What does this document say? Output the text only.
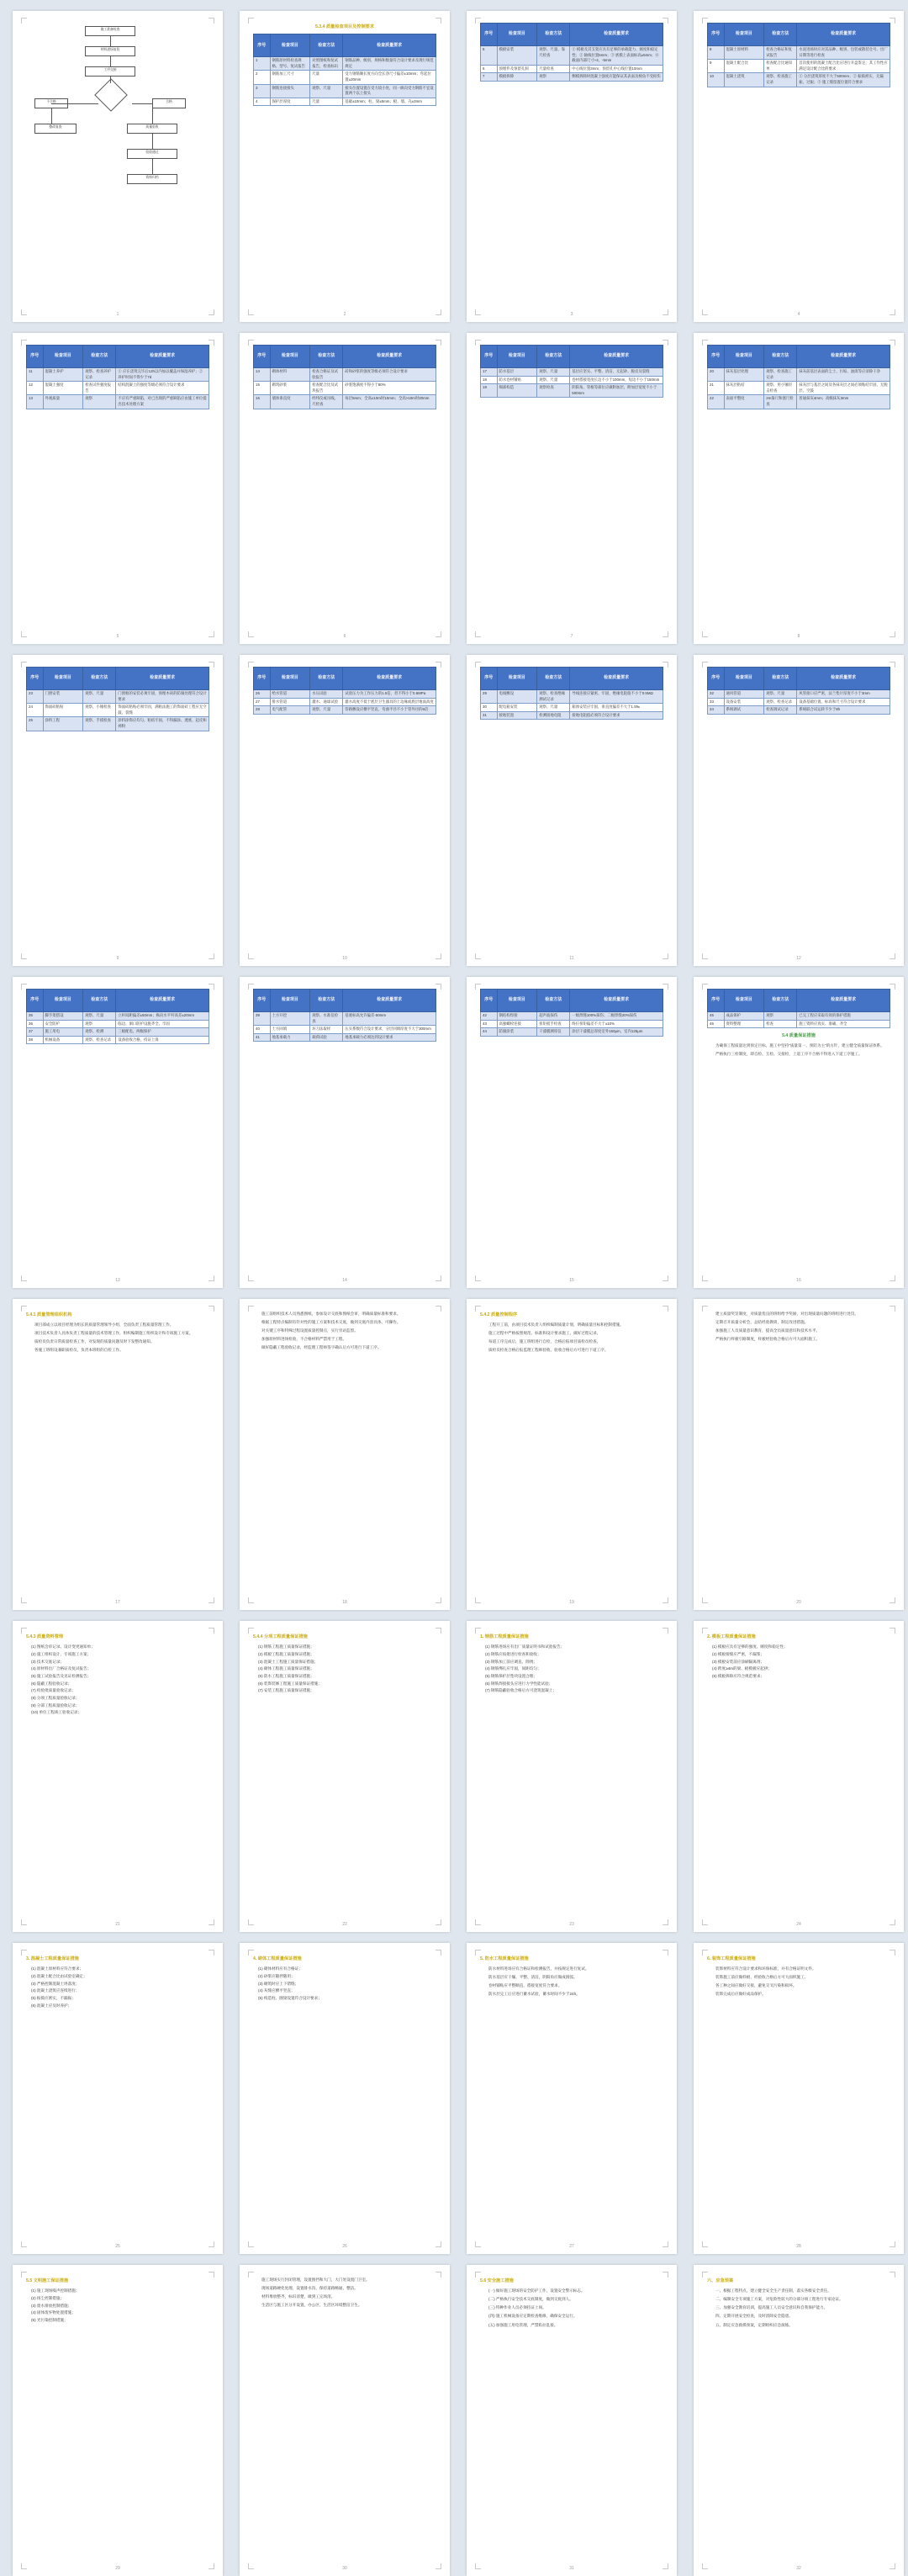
施工准备检查
材料进场复验
工序交接
不合格	合格
整改复查	质量验收
验收通过
资料归档
1
5.3.4 质量检查项目及控制要求
序号	检查项目	检查方法	检查质量要求
1	钢筋原材料检查规格、型号、复试报告	对照图纸和复试报告，检查标识	钢筋品种、级别、规格和数量符合设计要求及现行规范规定
2	钢筋加工尺寸	尺量	受力钢筋顺长度方向全长净尺寸偏差±10mm；弯起位置±20mm
3	钢筋连接接头	观察、尺量	接头位置设置在受力较小处，同一纵向受力钢筋不宜设置两个以上接头
4	保护层厚度	尺量	基础±10mm；柱、梁±5mm；板、墙、壳±3mm
2
序号	检查项目	检查方法	检查质量要求
5	模板安装	观察、尺量、靠尺检查	① 模板及其支架应具有足够的承载能力、刚度和稳定性；② 轴线位置5mm；③ 底模上表面标高±5mm；④ 截面内部尺寸+4，-5mm
6	预埋件及预留孔洞	尺量检查	中心线位置3mm；预留孔中心线位置10mm
7	模板拆除	观察	侧模拆除时混凝土强度应能保证其表面及棱角不受损伤
3
序号	检查项目	检查方法	检查质量要求
8	混凝土原材料	检查合格证和复试报告	水泥进场时应对其品种、级别、包装或散装仓号、出厂日期等进行检查
9	混凝土配合比	检查配合比通知单	首次使用的混凝土配合比应进行开盘鉴定，其工作性应满足设计配合比的要求
10	混凝土浇筑	观察、检查施工记录	① 分层浇筑厚度不大于500mm；② 振捣密实，无漏振、过振；③ 施工缝留置位置符合要求
4
序号	检查项目	检查方法	检查质量要求
11	混凝土养护	观察、检查养护记录	① 应在浇筑完毕后12h以内加以覆盖并保湿养护；② 养护时间不得少于7d
12	混凝土强度	检查试件强度报告	结构混凝土的强度等级必须符合设计要求
13	外观质量	观察	不应有严重缺陷，对已出现的严重缺陷应由施工单位提出技术处理方案
5
序号	检查项目	检查方法	检查质量要求
14	砌体材料	检查合格证及试验报告	砖和砂浆的强度等级必须符合设计要求
15	砌筑砂浆	检查配合比及试块报告	砂浆饱满度不得小于80%
16	墙体垂直度	经纬仪或吊线、尺检查	每层5mm；全高≤10m时10mm；全高>10m时20mm
6
序号	检查项目	检查方法	检查质量要求
17	防水基层	观察、尺量	基层应坚实、平整、清洁，无起砂、脱皮及裂缝
18	防水卷材铺贴	观察、尺量	卷材搭接宽度长边不小于100mm，短边不小于150mm
19	细部构造	观察检查	阴阳角、管根等部位应做附加层，附加层宽度不小于500mm
7
序号	检查项目	检查方法	检查质量要求
20	抹灰基层处理	观察、检查施工记录	抹灰前基层表面的尘土、污垢、油渍等应清除干净
21	抹灰层粘结	观察、用小锤轻击检查	抹灰层与基层之间及各抹灰层之间必须粘结牢固，无脱层、空鼓
22	表面平整度	2m靠尺和塞尺检查	普通抹灰4mm；高级抹灰3mm
8
序号	检查项目	检查方法	检查质量要求
23	门窗安装	观察、尺量	门窗框的安装必须牢固，预埋木砖的防腐处理符合设计要求
24	饰面砖粘贴	观察、小锤检查	饰面砖粘贴必须牢固，满粘法施工的饰面砖工程应无空鼓、裂缝
25	涂料工程	观察、手摸检查	涂料涂饰应均匀、粘结牢固，不得漏涂、透底、起皮和掉粉
9
序号	检查项目	检查方法	检查质量要求
26	给水管道	水压试验	试验压力为工作压力的1.5倍，但不得小于0.6MPa
27	排水管道	灌水、通球试验	灌水高度不低于底层卫生器具的上边缘或底层地面高度
28	电气配管	观察、尺量	管路敷设应横平竖直，弯曲半径不小于管外径的6倍
10
序号	检查项目	检查方法	检查质量要求
29	电线敷设	观察、检查绝缘测试记录	导线连接应紧密、牢固，绝缘电阻值不小于0.5MΩ
30	配电箱安装	观察、尺量	箱体安装应牢固，垂直度偏差不大于1.5‰
31	接地装置	检测接地电阻	接地电阻值必须符合设计要求
11
序号	检查项目	检查方法	检查质量要求
32	通风管道	观察、尺量	风管接口应严密，法兰垫片厚度不小于3mm
33	设备安装	观察、检查记录	设备基础位置、标高和尺寸符合设计要求
34	系统调试	检查调试记录	系统联合试运转不少于8h
12
序号	检查项目	检查方法	检查质量要求
35	脚手架搭设	观察、尺量	立杆间距偏差±50mm；纵向水平杆高差±20mm
36	安全防护	观察	临边、洞口防护设施齐全、牢固
37	施工用电	观察、检测	三级配电、两级保护
38	机械设备	观察、检查记录	设备验收合格，持证上岗
13
序号	检查项目	检查方法	检查质量要求
39	土方开挖	观察、水准仪检查	基底标高允许偏差-50mm
40	土方回填	环刀法取样	压实系数符合设计要求，分层回填厚度不大于300mm
41	地基承载力	载荷试验	地基承载力必须达到设计要求
14
序号	检查项目	检查方法	检查质量要求
42	钢结构焊接	超声波探伤	一级焊缝100%探伤；二级焊缝20%探伤
43	高强螺栓连接	扭矩扳手检查	终拧扭矩偏差不大于±10%
44	防腐涂装	干漆膜测厚仪	涂层干漆膜总厚度室外150μm，室内125μm
15
序号	检查项目	检查方法	检查质量要求
45	成品保护	观察	已完工程应采取有效的保护措施
46	资料整理	检查	施工资料应真实、准确、齐全
5.4 质量保证措施

为确保工程质量达到预定目标，施工中坚持“质量第一、预防为主”的方针，建立健全质量保证体系。

严格执行三检制度，即自检、互检、交接检，上道工序不合格不得进入下道工序施工。

16
5.4.1 质量管理组织机构

项目部成立以项目经理为组长的质量管理领导小组，全面负责工程质量管理工作。

项目技术负责人具体负责工程质量的技术管理工作，组织编制施工组织设计和专项施工方案。

质检员负责日常质量检查工作，对发现的质量问题及时下发整改通知。

各施工班组设兼职质检员，负责本班组的自检工作。

17

施工前组织技术人员熟悉图纸，参加设计交底和图纸会审，明确质量标准和要求。

根据工程特点编制有针对性的施工方案和技术交底，做到交底内容具体、可操作。

对关键工序和特殊过程设置质量控制点，实行旁站监督。

加强原材料进场检验，不合格材料严禁用于工程。

做好隐蔽工程验收记录，经监理工程师签字确认后方可进行下道工序。

18
5.4.2 质量控制程序

工程开工前，由项目技术负责人组织编制质量计划，明确质量目标和控制措施。

施工过程中严格按照规范、标准和设计要求施工，做好过程记录。

每道工序完成后，施工班组进行自检，合格后报项目质检员检查。

质检员检查合格后报监理工程师验收，验收合格后方可进行下道工序。

19

建立质量奖罚制度，对质量优良的班组给予奖励，对出现质量问题的班组进行处罚。

定期召开质量分析会，总结经验教训，制定改进措施。

加强施工人员质量意识教育，提高全员质量意识和技术水平。

严格执行样板引路制度，样板经验收合格后方可大面积施工。

20
5.4.3 质量资料管理
(1) 图纸会审记录、设计变更通知单；
(2) 施工组织设计、专项施工方案；
(3) 技术交底记录；
(4) 原材料出厂合格证及复试报告；
(5) 施工试验报告及见证检测报告；
(6) 隐蔽工程验收记录；
(7) 检验批质量验收记录；
(8) 分项工程质量验收记录；
(9) 分部工程质量验收记录；
(10) 单位工程竣工验收记录；
21
5.4.4 分项工程质量保证措施
(1) 钢筋工程施工质量保证措施；
(2) 模板工程施工质量保证措施；
(3) 混凝土工程施工质量保证措施；
(4) 砌体工程施工质量保证措施；
(5) 防水工程施工质量保证措施；
(6) 装饰装修工程施工质量保证措施；
(7) 安装工程施工质量保证措施；
22
1. 钢筋工程质量保证措施
(1) 钢筋进场应有出厂质量证明书和试验报告；
(2) 钢筋应按批进行检查和验收；
(3) 钢筋加工前应调直、除锈；
(4) 钢筋绑扎应牢固，间距均匀；
(5) 钢筋保护层垫块设置合理；
(6) 钢筋焊接接头应进行力学性能试验；
(7) 钢筋隐蔽验收合格后方可浇筑混凝土；
23
2. 模板工程质量保证措施
(1) 模板应具有足够的强度、刚度和稳定性；
(2) 模板接缝应严密，不漏浆；
(3) 模板安装前应涂刷隔离剂；
(4) 跨度≥4m的梁、板模板应起拱；
(5) 模板拆除应符合规范要求；
24
3. 混凝土工程质量保证措施
(1) 混凝土原材料应符合要求；
(2) 混凝土配合比由试验室确定；
(3) 严格控制混凝土坍落度；
(4) 混凝土浇筑应连续进行；
(5) 振捣应密实，不漏振；
(6) 混凝土应及时养护；
25
4. 砌体工程质量保证措施
(1) 砌体材料应有合格证；
(2) 砂浆应随拌随用；
(3) 砌筑时应上下错缝；
(4) 灰缝应横平竖直；
(5) 构造柱、圈梁设置符合设计要求；
26
5. 防水工程质量保证措施

防水材料进场应有合格证和检测报告，并按规定进行复试。

防水基层应干燥、平整、清洁，阴阳角应做成圆弧。

卷材铺贴应平整顺直，搭接宽度符合要求。

防水层完工后应进行蓄水试验，蓄水时间不少于24h。

27
6. 装饰工程质量保证措施

装饰材料应符合设计要求和环保标准，并有合格证明文件。

装饰施工前应做样板，经验收合格后方可大面积施工。

各工种之间应做好交接，避免交叉污染和损坏。

装饰完成后应做好成品保护。

28
5.5 文明施工保证措施
(1) 施工现场噪声控制措施；
(2) 扬尘控制措施；
(3) 废水排放控制措施；
(4) 固体废弃物处置措施；
(5) 光污染控制措施；
29

施工现场实行封闭管理，设置围挡和大门，大门处设置门卫室。

现场道路硬化处理，设置排水沟，保持道路畅通、整洁。

材料堆放整齐，标识清楚，做到工完场清。

生活区与施工区分开设置，办公区、生活区环境整洁卫生。

30
5.6 安全施工措施

(一) 做好施工现场的安全防护工作，设置安全警示标志。

(二) 严格执行安全技术交底制度，做到交底到人。

(三) 特种作业人员必须持证上岗。

(四) 施工机械设备应定期检查维修，确保安全运行。

(五) 加强施工用电管理，严禁私拉乱接。

31
六、应急预案

一、根据工程特点，建立健全安全生产责任制，落实各级安全责任。

二、编制安全专项施工方案，对危险性较大的分部分项工程进行专家论证。

三、加强安全教育培训，提高施工人员安全意识和自我保护能力。

四、定期开展安全检查，及时消除安全隐患。

五、制定应急救援预案，定期组织应急演练。

32
